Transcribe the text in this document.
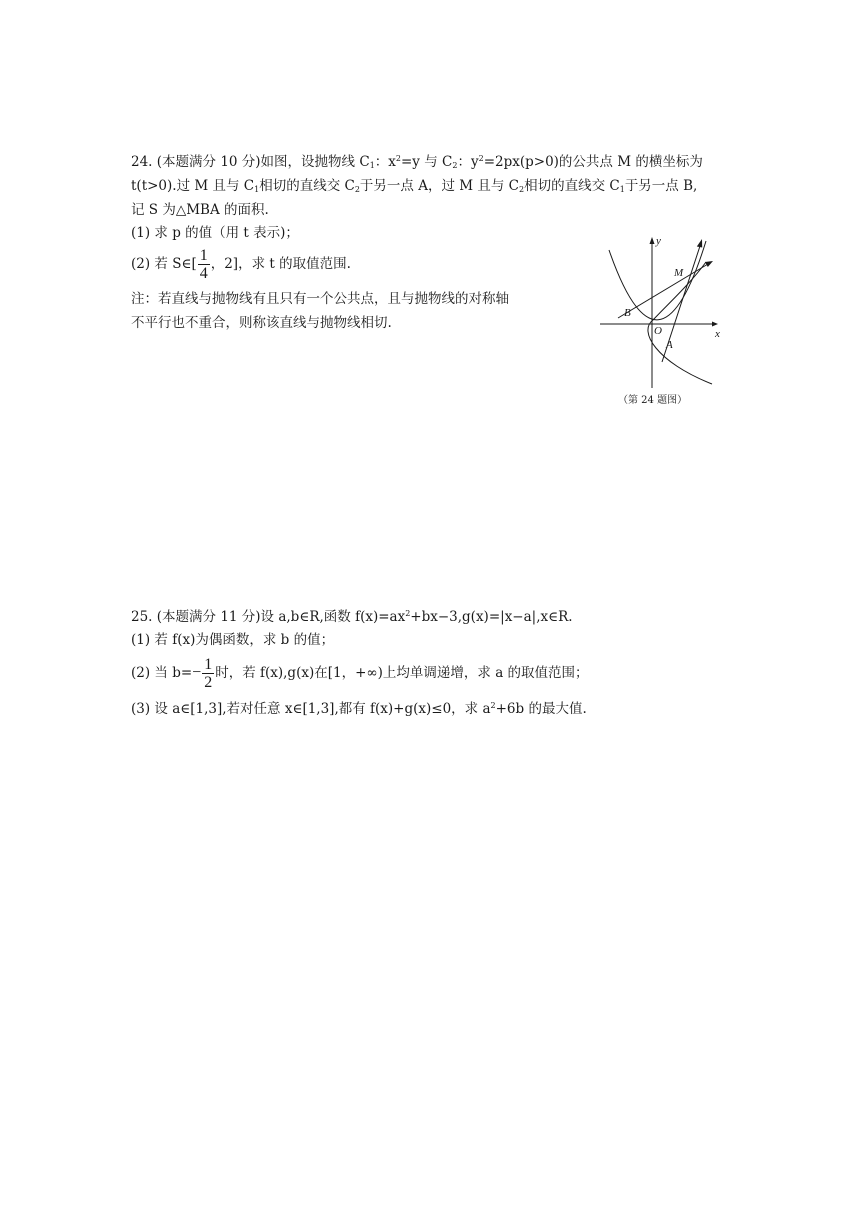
24. (本题满分 10 分)如图，设抛物线 $C_1$：$x^2=y$ 与 $C_2$：$y^2=2px(p>0)$的公共点 M 的横坐标为
t(t>0).过 M 且与 $C_1$相切的直线交 $C_2$于另一点 A，过 M 且与 $C_2$相切的直线交 $C_1$于另一点 B,
记 S 为△MBA 的面积.
(1) 求 p 的值（用 t 表示)；
(2) 若 S∈[ $\frac{1}{4}$ ，2]，求 t 的取值范围.
注：若直线与抛物线有且只有一个公共点，且与抛物线的对称轴
不平行也不重合，则称该直线与抛物线相切.
y
x
M
B
O
A
（第 24 题图）
25. (本题满分 11 分)设 a,b∈R,函数 $f(x)=ax^2+bx-3,g(x)=|x-a|,x\in R$.
(1) 若 f(x)为偶函数，求 b 的值；
(2) 当 $b=- \frac{1}{2}$ 时，若 f(x),g(x)在[1，+∞)上均单调递增，求 a 的取值范围；
(3) 设 a∈[1,3],若对任意 x∈[1,3],都有 f(x)+g(x)≤0，求 $a^2+6b$ 的最大值.
